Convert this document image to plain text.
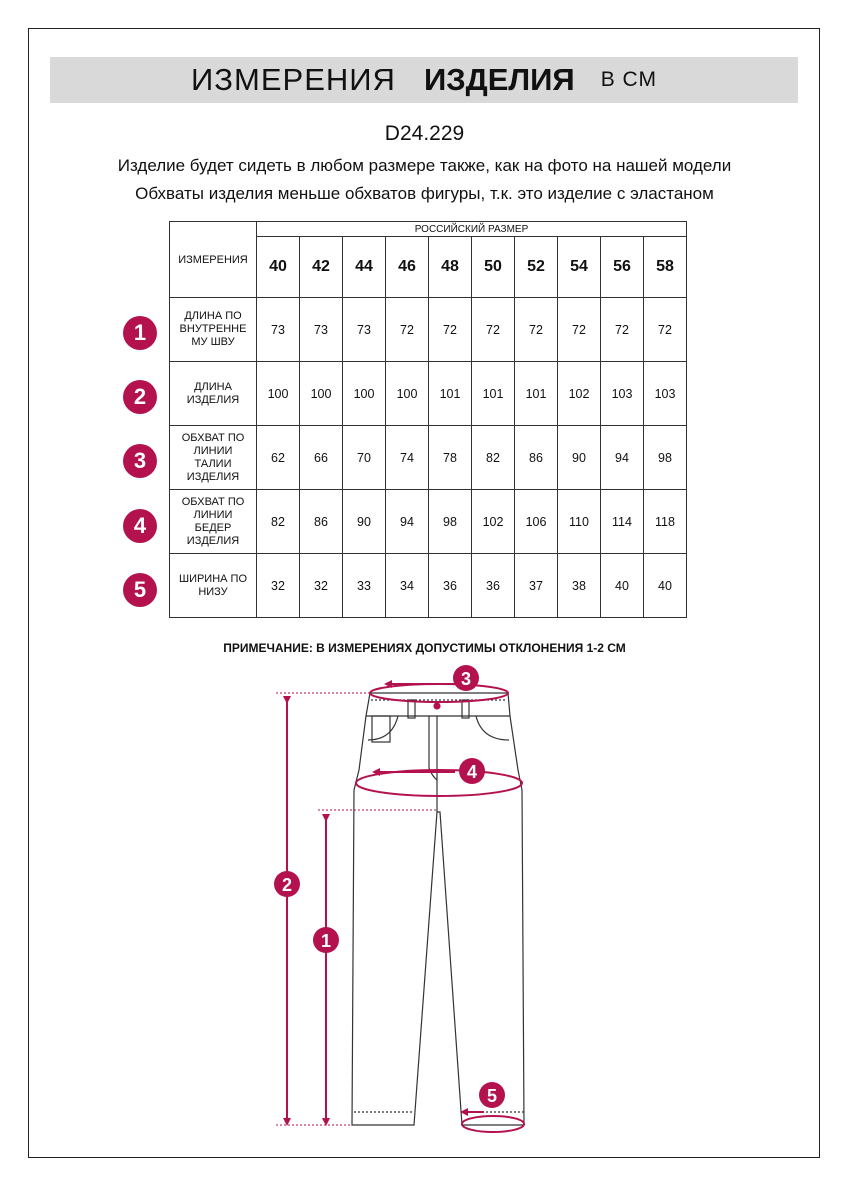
ИЗМЕРЕНИЯ ИЗДЕЛИЯ В СМ
D24.229
Изделие будет сидеть в любом размере также, как на фото на нашей модели
Обхваты изделия меньше обхватов фигуры, т.к. это изделие с эластаном
ИЗМЕРЕНИЯ	РОССИЙСКИЙ РАЗМЕР									
	40	42	44	46	48	50	52	54	56	58

ДЛИНА ПО
ВНУТРЕННЕ
МУ ШВУ	73	73	73	72	72	72	72	72	72	72

ДЛИНА
ИЗДЕЛИЯ	100	100	100	100	101	101	101	102	103	103

ОБХВАТ ПО
ЛИНИИ
ТАЛИИ
ИЗДЕЛИЯ	62	66	70	74	78	82	86	90	94	98

ОБХВАТ ПО
ЛИНИИ
БЕДЕР
ИЗДЕЛИЯ	82	86	90	94	98	102	106	110	114	118

ШИРИНА ПО
НИЗУ	32	32	33	34	36	36	37	38	40	40
1
2
3
4
5
ПРИМЕЧАНИЕ: В ИЗМЕРЕНИЯХ ДОПУСТИМЫ ОТКЛОНЕНИЯ 1-2 СМ
3
4
2
1
5
